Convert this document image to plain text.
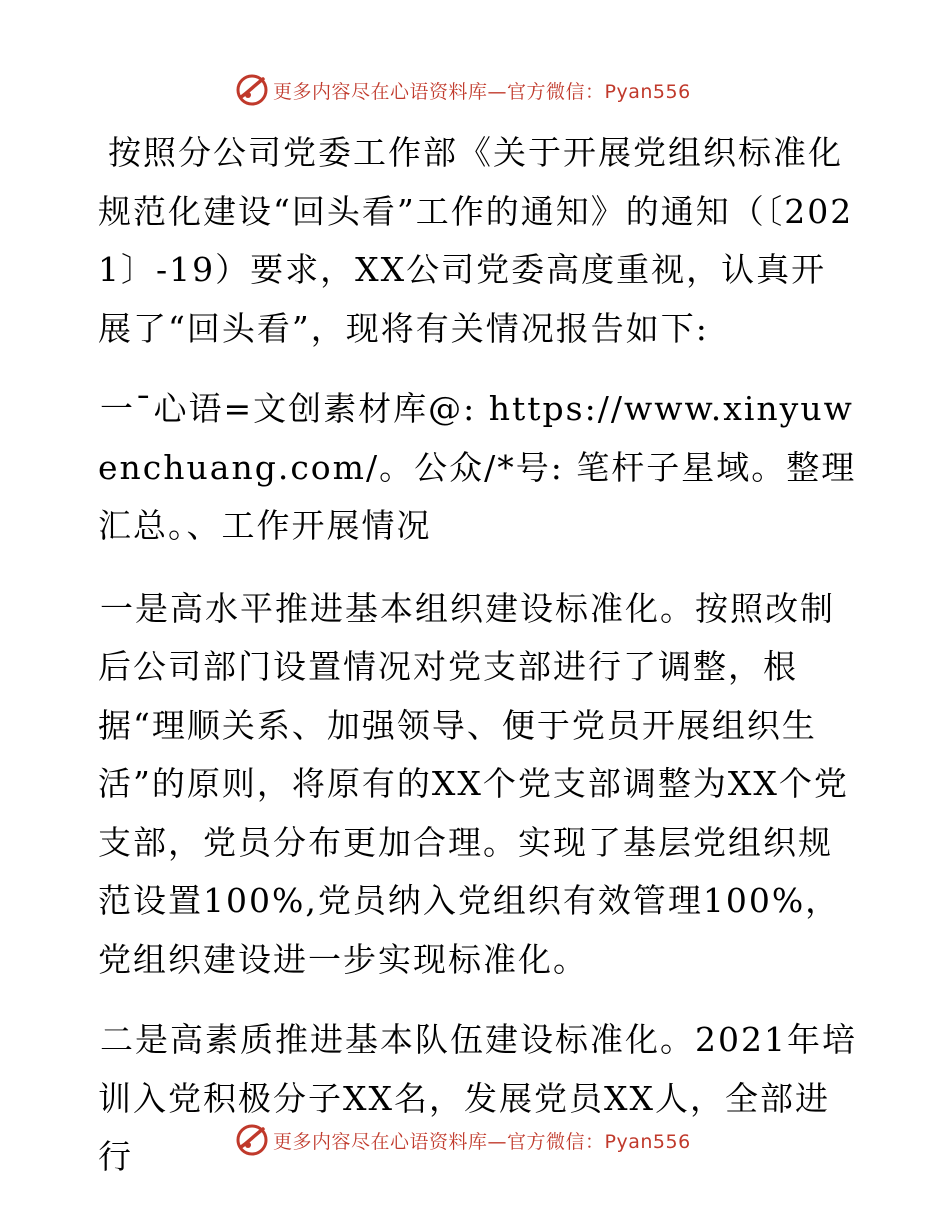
更多内容尽在心语资料库—官方微信：Pyan556

按照分公司党委工作部《关于开展党组织标准化规范化建设“回头看”工作的通知》的通知（〔2021〕-19）要求，XX公司党委高度重视，认真开展了“回头看”，现将有关情况报告如下:

一¯心语=文创素材库@: https://www.xinyuwenchuang.com/。公众/*号: 笔杆子星域。整理汇总。、工作开展情况

一是高水平推进基本组织建设标准化。按照改制后公司部门设置情况对党支部进行了调整，根据“理顺关系、加强领导、便于党员开展组织生活”的原则，将原有的XX个党支部调整为XX个党支部，党员分布更加合理。实现了基层党组织规范设置100%,党员纳入党组织有效管理100%，党组织建设进一步实现标准化。

二是高素质推进基本队伍建设标准化。2021年培训入党积极分子XX名，发展党员XX人，全部进行	更多内容尽在心语资料库—官方微信：Pyan556
